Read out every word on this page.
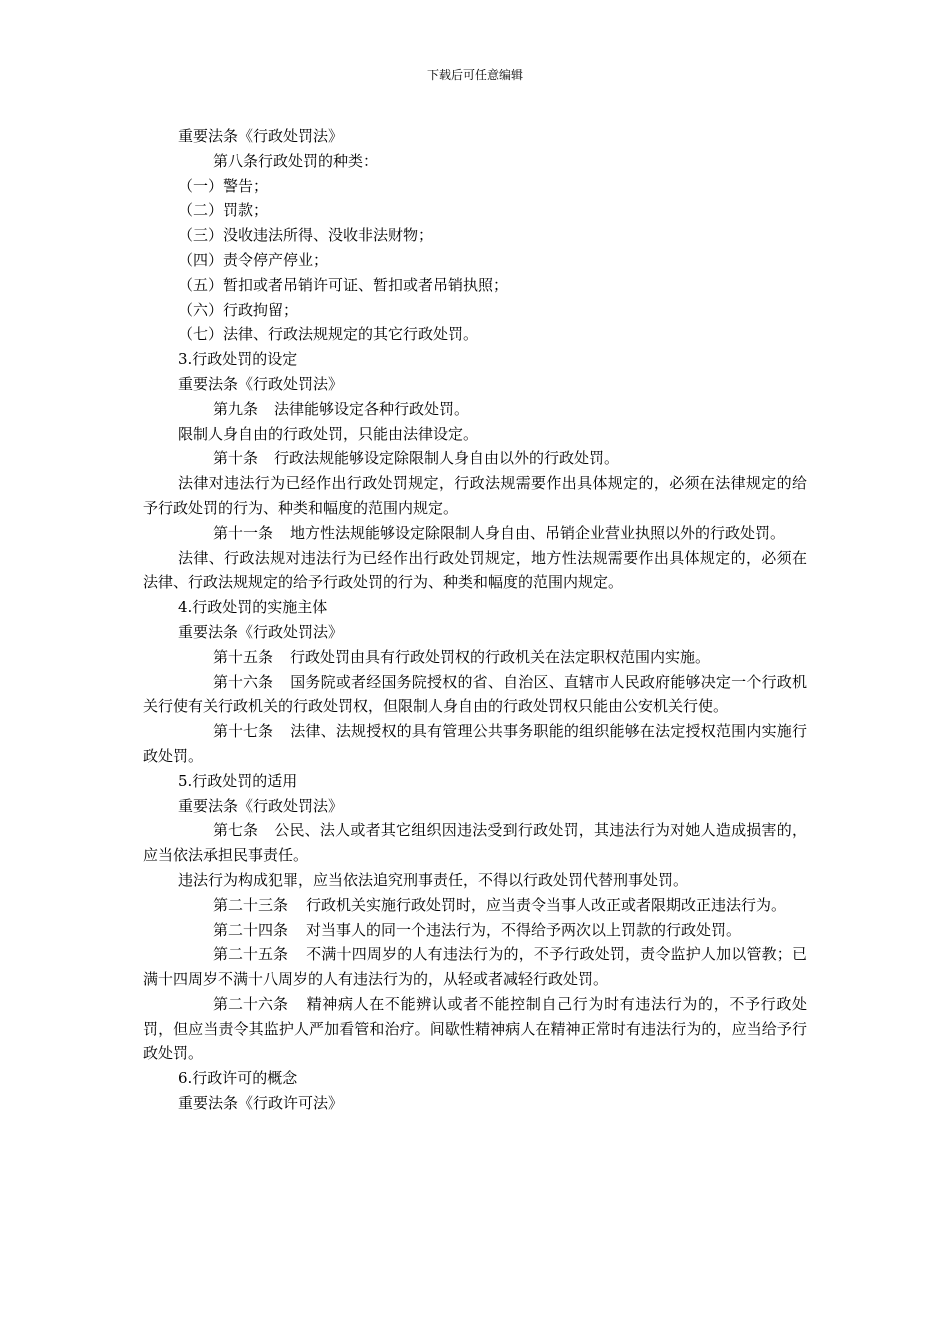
下载后可任意编辑

重要法条《行政处罚法》

第八条行政处罚的种类：

（一）警告；

（二）罚款；

（三）没收违法所得、没收非法财物；

（四）责令停产停业；

（五）暂扣或者吊销许可证、暂扣或者吊销执照；

（六）行政拘留；

（七）法律、行政法规规定的其它行政处罚。

3.行政处罚的设定

重要法条《行政处罚法》

第九条 法律能够设定各种行政处罚。

限制人身自由的行政处罚，只能由法律设定。

第十条 行政法规能够设定除限制人身自由以外的行政处罚。

法律对违法行为已经作出行政处罚规定，行政法规需要作出具体规定的，必须在法律规定的给予行政处罚的行为、种类和幅度的范围内规定。

第十一条 地方性法规能够设定除限制人身自由、吊销企业营业执照以外的行政处罚。

法律、行政法规对违法行为已经作出行政处罚规定，地方性法规需要作出具体规定的，必须在法律、行政法规规定的给予行政处罚的行为、种类和幅度的范围内规定。

4.行政处罚的实施主体

重要法条《行政处罚法》

第十五条 行政处罚由具有行政处罚权的行政机关在法定职权范围内实施。

第十六条 国务院或者经国务院授权的省、自治区、直辖市人民政府能够决定一个行政机关行使有关行政机关的行政处罚权，但限制人身自由的行政处罚权只能由公安机关行使。

第十七条 法律、法规授权的具有管理公共事务职能的组织能够在法定授权范围内实施行政处罚。

5.行政处罚的适用

重要法条《行政处罚法》

第七条 公民、法人或者其它组织因违法受到行政处罚，其违法行为对她人造成损害的，应当依法承担民事责任。

违法行为构成犯罪，应当依法追究刑事责任，不得以行政处罚代替刑事处罚。

第二十三条 行政机关实施行政处罚时，应当责令当事人改正或者限期改正违法行为。

第二十四条 对当事人的同一个违法行为，不得给予两次以上罚款的行政处罚。

第二十五条 不满十四周岁的人有违法行为的，不予行政处罚，责令监护人加以管教；已满十四周岁不满十八周岁的人有违法行为的，从轻或者减轻行政处罚。

第二十六条 精神病人在不能辨认或者不能控制自己行为时有违法行为的，不予行政处罚，但应当责令其监护人严加看管和治疗。间歇性精神病人在精神正常时有违法行为的，应当给予行政处罚。

6.行政许可的概念

重要法条《行政许可法》
